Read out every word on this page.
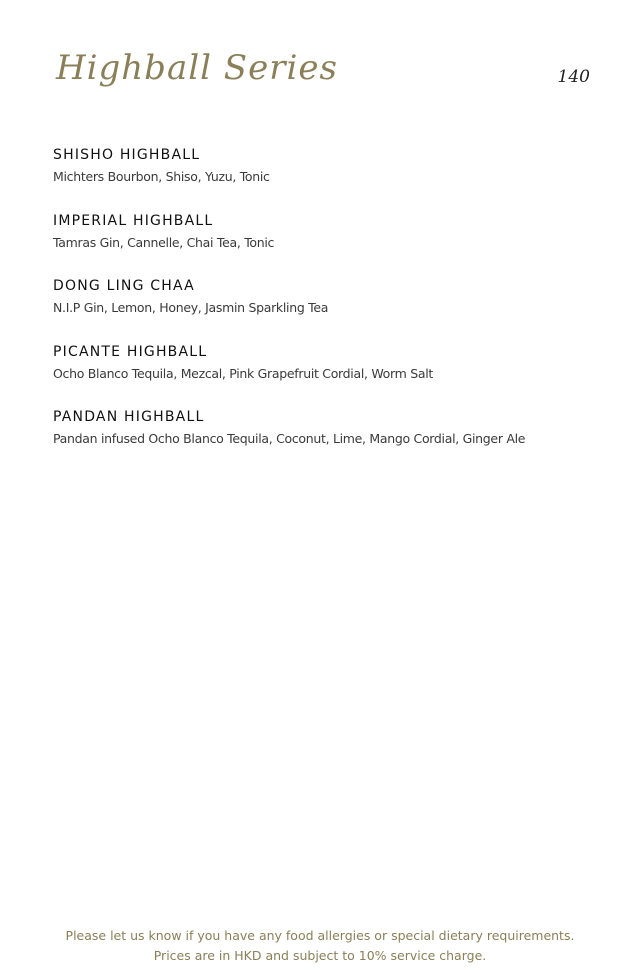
Highball Series	140
SHISHO HIGHBALL
Michters Bourbon, Shiso, Yuzu, Tonic
IMPERIAL HIGHBALL
Tamras Gin, Cannelle, Chai Tea, Tonic
DONG LING CHAA
N.I.P Gin, Lemon, Honey, Jasmin Sparkling Tea
PICANTE HIGHBALL
Ocho Blanco Tequila, Mezcal, Pink Grapefruit Cordial, Worm Salt
PANDAN HIGHBALL
Pandan infused Ocho Blanco Tequila, Coconut, Lime, Mango Cordial, Ginger Ale
Please let us know if you have any food allergies or special dietary requirements.
Prices are in HKD and subject to 10% service charge.
